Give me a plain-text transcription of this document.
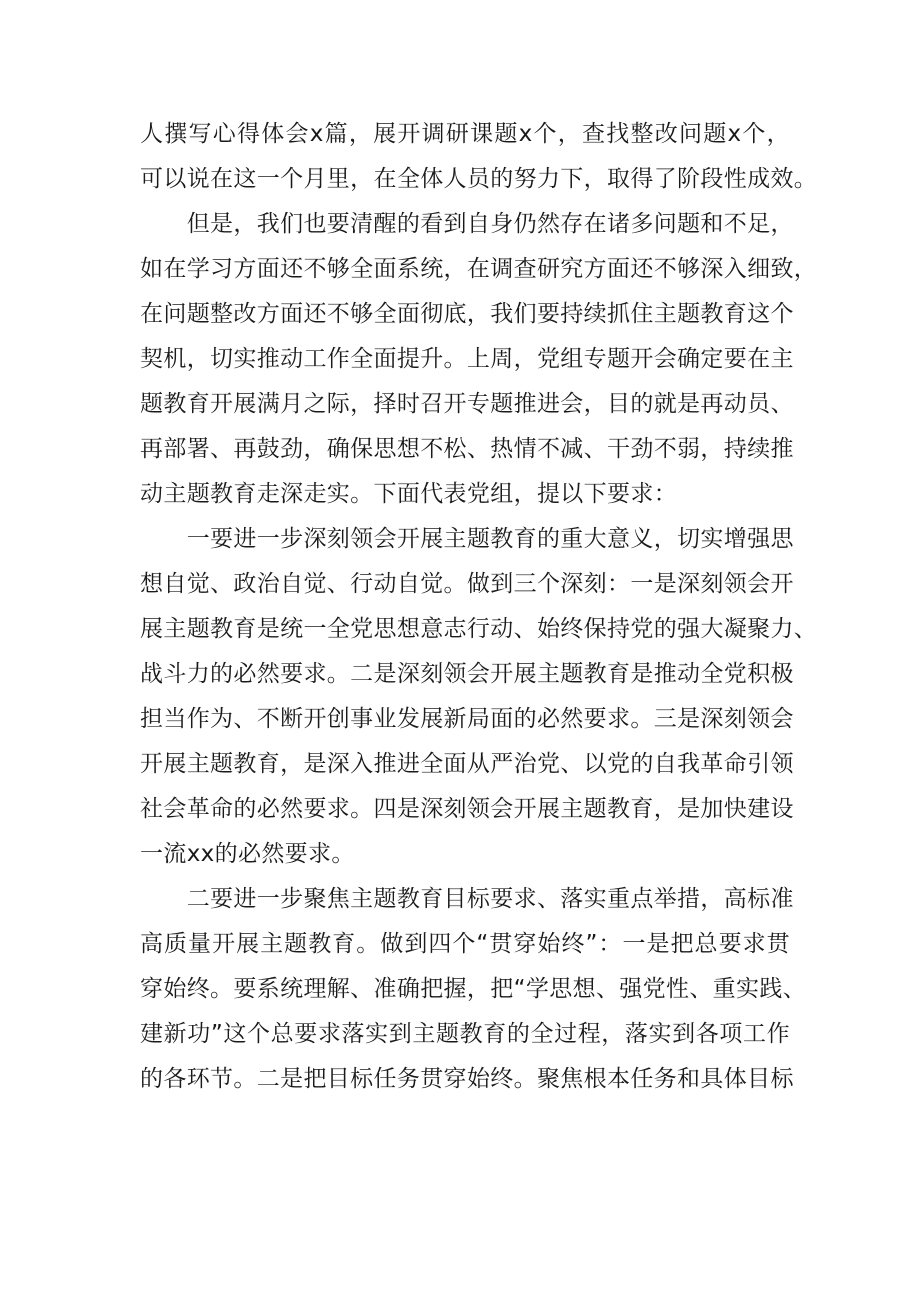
人撰写心得体会x篇，展开调研课题x个，查找整改问题x个，
可以说在这一个月里，在全体人员的努力下，取得了阶段性成效。
　　但是，我们也要清醒的看到自身仍然存在诸多问题和不足，
如在学习方面还不够全面系统，在调查研究方面还不够深入细致，
在问题整改方面还不够全面彻底，我们要持续抓住主题教育这个
契机，切实推动工作全面提升。上周，党组专题开会确定要在主
题教育开展满月之际，择时召开专题推进会，目的就是再动员、
再部署、再鼓劲，确保思想不松、热情不减、干劲不弱，持续推
动主题教育走深走实。下面代表党组，提以下要求：
　　一要进一步深刻领会开展主题教育的重大意义，切实增强思
想自觉、政治自觉、行动自觉。做到三个深刻：一是深刻领会开
展主题教育是统一全党思想意志行动、始终保持党的强大凝聚力、
战斗力的必然要求。二是深刻领会开展主题教育是推动全党积极
担当作为、不断开创事业发展新局面的必然要求。三是深刻领会
开展主题教育，是深入推进全面从严治党、以党的自我革命引领
社会革命的必然要求。四是深刻领会开展主题教育，是加快建设
一流xx的必然要求。
　　二要进一步聚焦主题教育目标要求、落实重点举措，高标准
高质量开展主题教育。做到四个“贯穿始终”：一是把总要求贯
穿始终。要系统理解、准确把握，把“学思想、强党性、重实践、
建新功”这个总要求落实到主题教育的全过程，落实到各项工作
的各环节。二是把目标任务贯穿始终。聚焦根本任务和具体目标
